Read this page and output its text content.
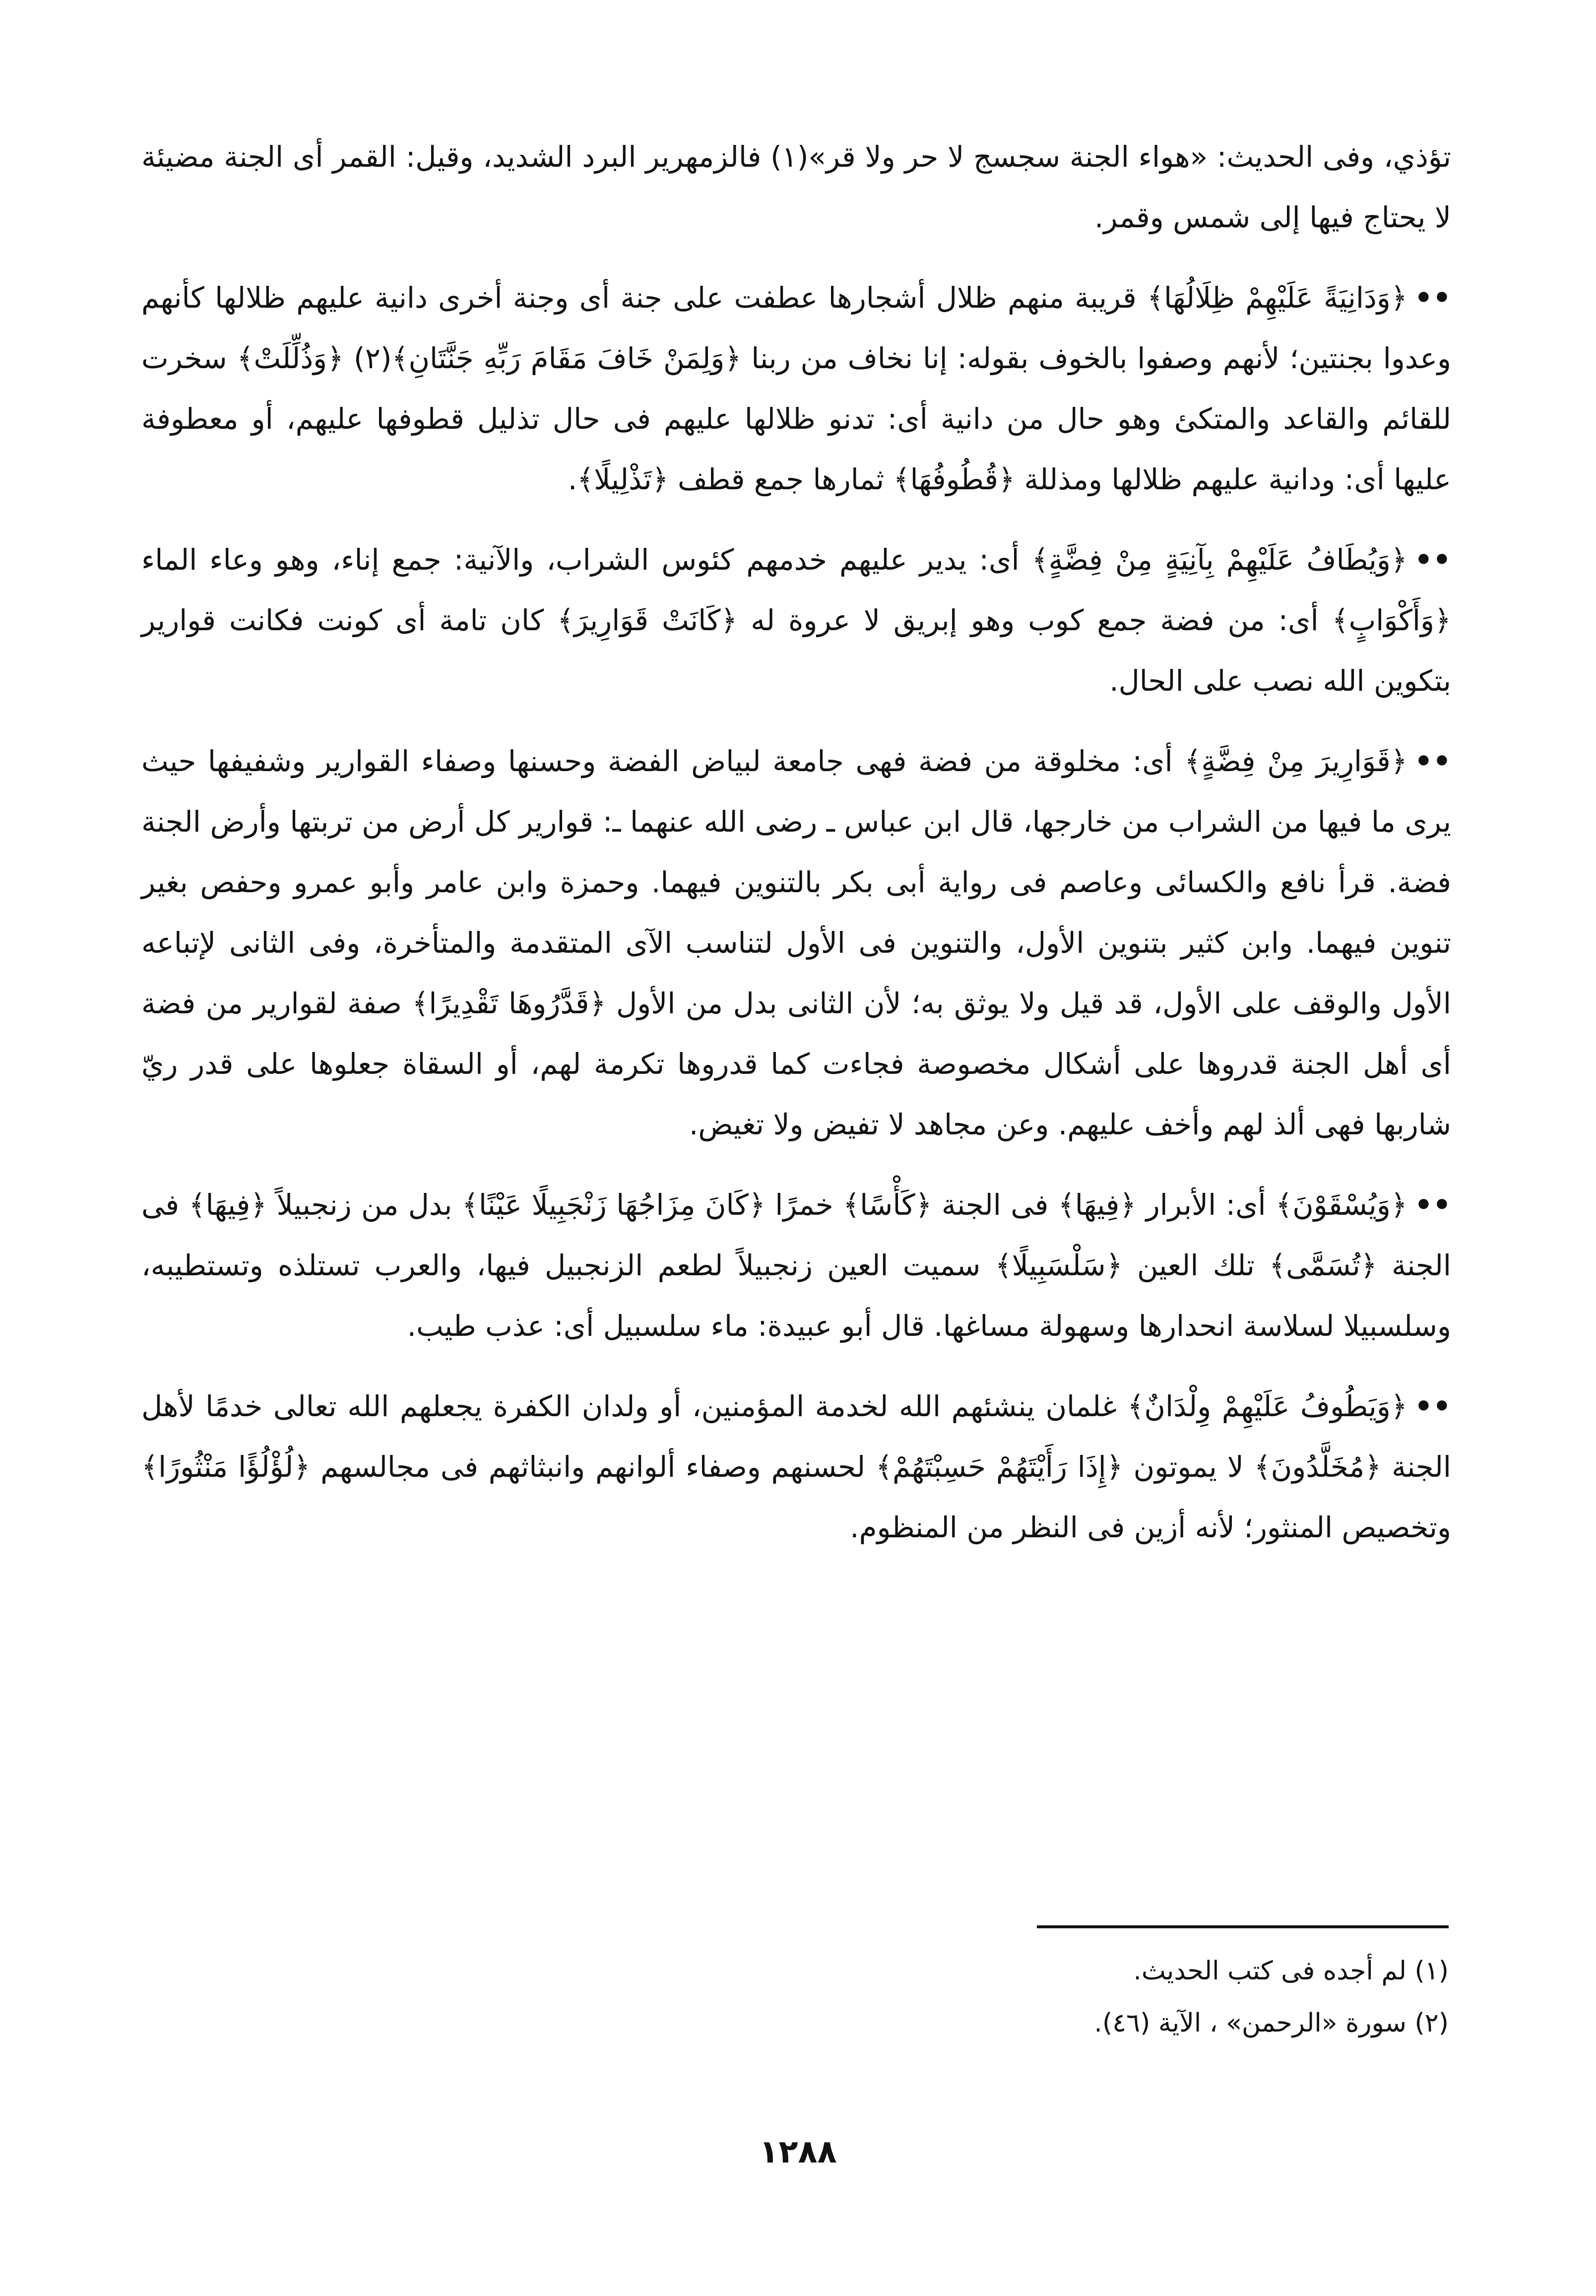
تؤذي، وفى الحديث: «هواء الجنة سجسج لا حر ولا قر»(١) فالزمهرير البرد الشديد، وقيل: القمر أى الجنة مضيئة لا يحتاج فيها إلى شمس وقمر.

••﴿وَدَانِيَةً عَلَيْهِمْ ظِلَالُهَا﴾ قريبة منهم ظلال أشجارها عطفت على جنة أى وجنة أخرى دانية عليهم ظلالها كأنهم وعدوا بجنتين؛ لأنهم وصفوا بالخوف بقوله: إنا نخاف من ربنا ﴿وَلِمَنْ خَافَ مَقَامَ رَبِّهِ جَنَّتَانِ﴾(٢) ﴿وَذُلِّلَتْ﴾ سخرت للقائم والقاعد والمتكئ وهو حال من دانية أى: تدنو ظلالها عليهم فى حال تذليل قطوفها عليهم، أو معطوفة عليها أى: ودانية عليهم ظلالها ومذللة ﴿قُطُوفُهَا﴾ ثمارها جمع قطف ﴿تَذْلِيلًا﴾.

••﴿وَيُطَافُ عَلَيْهِمْ بِآنِيَةٍ مِنْ فِضَّةٍ﴾ أى: يدير عليهم خدمهم كئوس الشراب، والآنية: جمع إناء، وهو وعاء الماء ﴿وَأَكْوَابٍ﴾ أى: من فضة جمع كوب وهو إبريق لا عروة له ﴿كَانَتْ قَوَارِيرَ﴾ كان تامة أى كونت فكانت قوارير بتكوين الله نصب على الحال.

••﴿قَوَارِيرَ مِنْ فِضَّةٍ﴾ أى: مخلوقة من فضة فهى جامعة لبياض الفضة وحسنها وصفاء القوارير وشفيفها حيث يرى ما فيها من الشراب من خارجها، قال ابن عباس ـ رضى الله عنهما ـ: قوارير كل أرض من تربتها وأرض الجنة فضة. قرأ نافع والكسائى وعاصم فى رواية أبى بكر بالتنوين فيهما. وحمزة وابن عامر وأبو عمرو وحفص بغير تنوين فيهما. وابن كثير بتنوين الأول، والتنوين فى الأول لتناسب الآى المتقدمة والمتأخرة، وفى الثانى لإتباعه الأول والوقف على الأول، قد قيل ولا يوثق به؛ لأن الثانى بدل من الأول ﴿قَدَّرُوهَا تَقْدِيرًا﴾ صفة لقوارير من فضة أى أهل الجنة قدروها على أشكال مخصوصة فجاءت كما قدروها تكرمة لهم، أو السقاة جعلوها على قدر ريّ شاربها فهى ألذ لهم وأخف عليهم. وعن مجاهد لا تفيض ولا تغيض.

••﴿وَيُسْقَوْنَ﴾ أى: الأبرار ﴿فِيهَا﴾ فى الجنة ﴿كَأْسًا﴾ خمرًا ﴿كَانَ مِزَاجُهَا زَنْجَبِيلًا عَيْنًا﴾ بدل من زنجبيلاً ﴿فِيهَا﴾ فى الجنة ﴿تُسَمَّى﴾ تلك العين ﴿سَلْسَبِيلًا﴾ سميت العين زنجبيلاً لطعم الزنجبيل فيها، والعرب تستلذه وتستطيبه، وسلسبيلا لسلاسة انحدارها وسهولة مساغها. قال أبو عبيدة: ماء سلسبيل أى: عذب طيب.

••﴿وَيَطُوفُ عَلَيْهِمْ وِلْدَانٌ﴾ غلمان ينشئهم الله لخدمة المؤمنين، أو ولدان الكفرة يجعلهم الله تعالى خدمًا لأهل الجنة ﴿مُخَلَّدُونَ﴾ لا يموتون ﴿إِذَا رَأَيْتَهُمْ حَسِبْتَهُمْ﴾ لحسنهم وصفاء ألوانهم وانبثاثهم فى مجالسهم ﴿لُؤْلُؤًا مَنْثُورًا﴾ وتخصيص المنثور؛ لأنه أزين فى النظر من المنظوم.

(١) لم أجده فى كتب الحديث.

(٢) سورة «الرحمن» ، الآية (٤٦).

١٢٨٨
